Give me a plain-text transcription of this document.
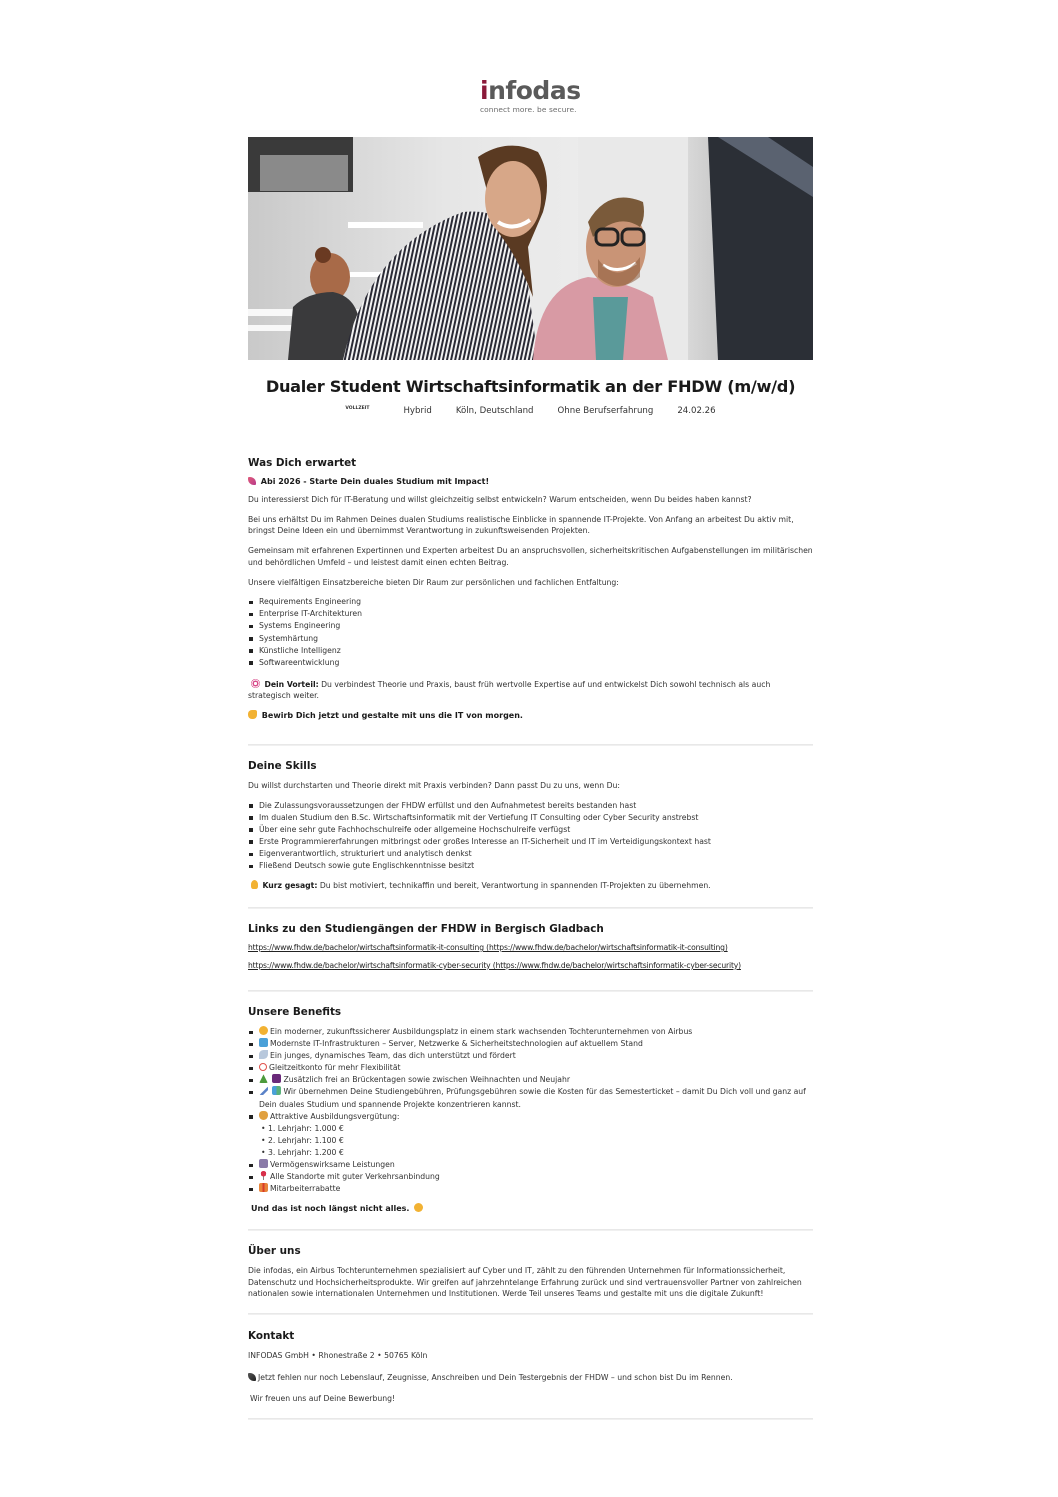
infodas
connect more. be secure.
Dualer Student Wirtschaftsinformatik an der FHDW (m/w/d)
VOLLZEIT	Hybrid	Köln, Deutschland	Ohne Berufserfahrung	24.02.26
Was Dich erwartet
Abi 2026 - Starte Dein duales Studium mit Impact!

Du interessierst Dich für IT-Beratung und willst gleichzeitig selbst entwickeln? Warum entscheiden, wenn Du beides haben kannst?

Bei uns erhältst Du im Rahmen Deines dualen Studiums realistische Einblicke in spannende IT-Projekte. Von Anfang an arbeitest Du aktiv mit, bringst Deine Ideen ein und übernimmst Verantwortung in zukunftsweisenden Projekten.

Gemeinsam mit erfahrenen Expertinnen und Experten arbeitest Du an anspruchsvollen, sicherheitskritischen Aufgabenstellungen im militärischen und behördlichen Umfeld – und leistest damit einen echten Beitrag.

Unsere vielfältigen Einsatzbereiche bieten Dir Raum zur persönlichen und fachlichen Entfaltung:

Requirements Engineering
Enterprise IT-Architekturen
Systems Engineering
Systemhärtung
Künstliche Intelligenz
Softwareentwicklung

Dein Vorteil: Du verbindest Theorie und Praxis, baust früh wertvolle Expertise auf und entwickelst Dich sowohl technisch als auch strategisch weiter.

Bewirb Dich jetzt und gestalte mit uns die IT von morgen.
Deine Skills

Du willst durchstarten und Theorie direkt mit Praxis verbinden? Dann passt Du zu uns, wenn Du:

Die Zulassungsvoraussetzungen der FHDW erfüllst und den Aufnahmetest bereits bestanden hast
Im dualen Studium den B.Sc. Wirtschaftsinformatik mit der Vertiefung IT Consulting oder Cyber Security anstrebst
Über eine sehr gute Fachhochschulreife oder allgemeine Hochschulreife verfügst
Erste Programmiererfahrungen mitbringst oder großes Interesse an IT-Sicherheit und IT im Verteidigungskontext hast
Eigenverantwortlich, strukturiert und analytisch denkst
Fließend Deutsch sowie gute Englischkenntnisse besitzt

Kurz gesagt: Du bist motiviert, technikaffin und bereit, Verantwortung in spannenden IT-Projekten zu übernehmen.

Links zu den Studiengängen der FHDW in Bergisch Gladbach
https://www.fhdw.de/bachelor/wirtschaftsinformatik-it-consulting (https://www.fhdw.de/bachelor/wirtschaftsinformatik-it-consulting)
https://www.fhdw.de/bachelor/wirtschaftsinformatik-cyber-security (https://www.fhdw.de/bachelor/wirtschaftsinformatik-cyber-security)
Unsere Benefits
Ein moderner, zukunftssicherer Ausbildungsplatz in einem stark wachsenden Tochterunternehmen von Airbus
Modernste IT-Infrastrukturen – Server, Netzwerke & Sicherheitstechnologien auf aktuellem Stand
Ein junges, dynamisches Team, das dich unterstützt und fördert
Gleitzeitkonto für mehr Flexibilität
Zusätzlich frei an Brückentagen sowie zwischen Weihnachten und Neujahr
Wir übernehmen Deine Studiengebühren, Prüfungsgebühren sowie die Kosten für das Semesterticket – damit Du Dich voll und ganz auf Dein duales Studium und spannende Projekte konzentrieren kannst.
Attraktive Ausbildungsvergütung:
• 1. Lehrjahr: 1.000 €
• 2. Lehrjahr: 1.100 €
• 3. Lehrjahr: 1.200 €
Vermögenswirksame Leistungen
Alle Standorte mit guter Verkehrsanbindung
Mitarbeiterrabatte
Und das ist noch längst nicht alles.
Über uns

Die infodas, ein Airbus Tochterunternehmen spezialisiert auf Cyber und IT, zählt zu den führenden Unternehmen für Informationssicherheit, Datenschutz und Hochsicherheitsprodukte. Wir greifen auf jahrzehntelange Erfahrung zurück und sind vertrauensvoller Partner von zahlreichen nationalen sowie internationalen Unternehmen und Institutionen. Werde Teil unseres Teams und gestalte mit uns die digitale Zukunft!

Kontakt

INFODAS GmbH • Rhonestraße 2 • 50765 Köln

Jetzt fehlen nur noch Lebenslauf, Zeugnisse, Anschreiben und Dein Testergebnis der FHDW – und schon bist Du im Rennen.

Wir freuen uns auf Deine Bewerbung!
